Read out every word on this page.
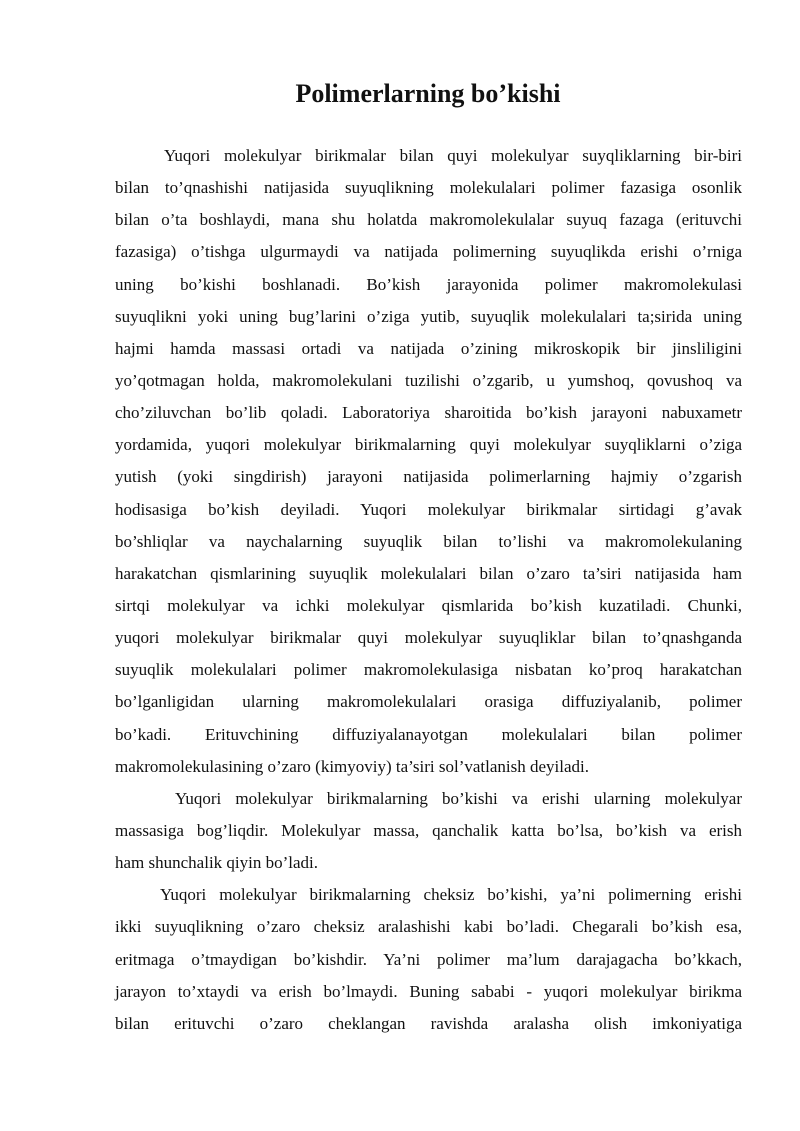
Polimerlarning bo’kishi
Yuqori molekulyar birikmalar bilan quyi molekulyar suyqliklarning bir-biri
bilan to’qnashishi natijasida suyuqlikning molekulalari polimer fazasiga osonlik
bilan o’ta boshlaydi, mana shu holatda makromolekulalar suyuq fazaga (erituvchi
fazasiga) o’tishga ulgurmaydi va natijada polimerning suyuqlikda erishi o’rniga
uning bo’kishi boshlanadi. Bo’kish jarayonida polimer makromolekulasi
suyuqlikni yoki uning bug’larini o’ziga yutib, suyuqlik molekulalari ta;sirida uning
hajmi hamda massasi ortadi va natijada o’zining mikroskopik bir jinsliligini
yo’qotmagan holda, makromolekulani tuzilishi o’zgarib, u yumshoq, qovushoq va
cho’ziluvchan bo’lib qoladi. Laboratoriya sharoitida bo’kish jarayoni nabuxametr
yordamida, yuqori molekulyar birikmalarning quyi molekulyar suyqliklarni o’ziga
yutish (yoki singdirish) jarayoni natijasida polimerlarning hajmiy o’zgarish
hodisasiga bo’kish deyiladi. Yuqori molekulyar birikmalar sirtidagi g’avak
bo’shliqlar va naychalarning suyuqlik bilan to’lishi va makromolekulaning
harakatchan qismlarining suyuqlik molekulalari bilan o’zaro ta’siri natijasida ham
sirtqi molekulyar va ichki molekulyar qismlarida bo’kish kuzatiladi. Chunki,
yuqori molekulyar birikmalar quyi molekulyar suyuqliklar bilan to’qnashganda
suyuqlik molekulalari polimer makromolekulasiga nisbatan ko’proq harakatchan
bo’lganligidan ularning makromolekulalari orasiga diffuziyalanib, polimer
bo’kadi. Erituvchining diffuziyalanayotgan molekulalari bilan polimer
makromolekulasining o’zaro (kimyoviy) ta’siri sol’vatlanish deyiladi.
Yuqori molekulyar birikmalarning bo’kishi va erishi ularning molekulyar
massasiga bog’liqdir. Molekulyar massa, qanchalik katta bo’lsa, bo’kish va erish
ham shunchalik qiyin bo’ladi.
Yuqori molekulyar birikmalarning cheksiz bo’kishi, ya’ni polimerning erishi
ikki suyuqlikning o’zaro cheksiz aralashishi kabi bo’ladi. Chegarali bo’kish esa,
eritmaga o’tmaydigan bo’kishdir. Ya’ni polimer ma’lum darajagacha bo’kkach,
jarayon to’xtaydi va erish bo’lmaydi. Buning sababi - yuqori molekulyar birikma
bilan erituvchi o’zaro cheklangan ravishda aralasha olish imkoniyatiga
